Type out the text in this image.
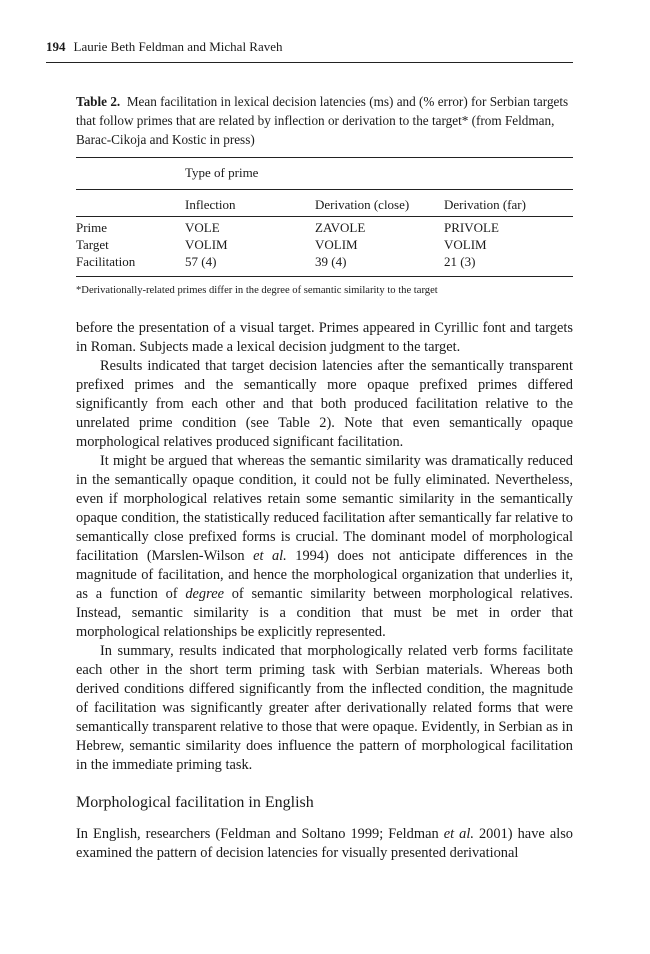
194 Laurie Beth Feldman and Michal Raveh

Table 2. Mean facilitation in lexical decision latencies (ms) and (% error) for Serbian targets that follow primes that are related by inflection or derivation to the target* (from Feldman, Barac-Cikoja and Kostic in press)

	Type of prime		
	Inflection	Derivation (close)	Derivation (far)
Prime	VOLE	ZAVOLE	PRIVOLE
Target	VOLIM	VOLIM	VOLIM
Facilitation	57 (4)	39 (4)	21 (3)
*Derivationally-related primes differ in the degree of semantic similarity to the target

before the presentation of a visual target. Primes appeared in Cyrillic font and targets in Roman. Subjects made a lexical decision judgment to the target.

Results indicated that target decision latencies after the semantically transparent prefixed primes and the semantically more opaque prefixed primes differed significantly from each other and that both produced facilitation relative to the unrelated prime condition (see Table 2). Note that even semantically opaque morphological relatives produced significant facilitation.

It might be argued that whereas the semantic similarity was dramatically reduced in the semantically opaque condition, it could not be fully eliminated. Nevertheless, even if morphological relatives retain some semantic similarity in the semantically opaque condition, the statistically reduced facilitation after semantically far relative to semantically close prefixed forms is crucial. The dominant model of morphological facilitation (Marslen-Wilson et al. 1994) does not anticipate differences in the magnitude of facilitation, and hence the morphological organization that underlies it, as a function of degree of semantic similarity between morphological relatives. Instead, semantic similarity is a condition that must be met in order that morphological relationships be explicitly represented.

In summary, results indicated that morphologically related verb forms facilitate each other in the short term priming task with Serbian materials. Whereas both derived conditions differed significantly from the inflected condition, the magnitude of facilitation was significantly greater after derivationally related forms that were semantically transparent relative to those that were opaque. Evidently, in Serbian as in Hebrew, semantic similarity does influence the pattern of morphological facilitation in the immediate priming task.

Morphological facilitation in English

In English, researchers (Feldman and Soltano 1999; Feldman et al. 2001) have also examined the pattern of decision latencies for visually presented derivational
